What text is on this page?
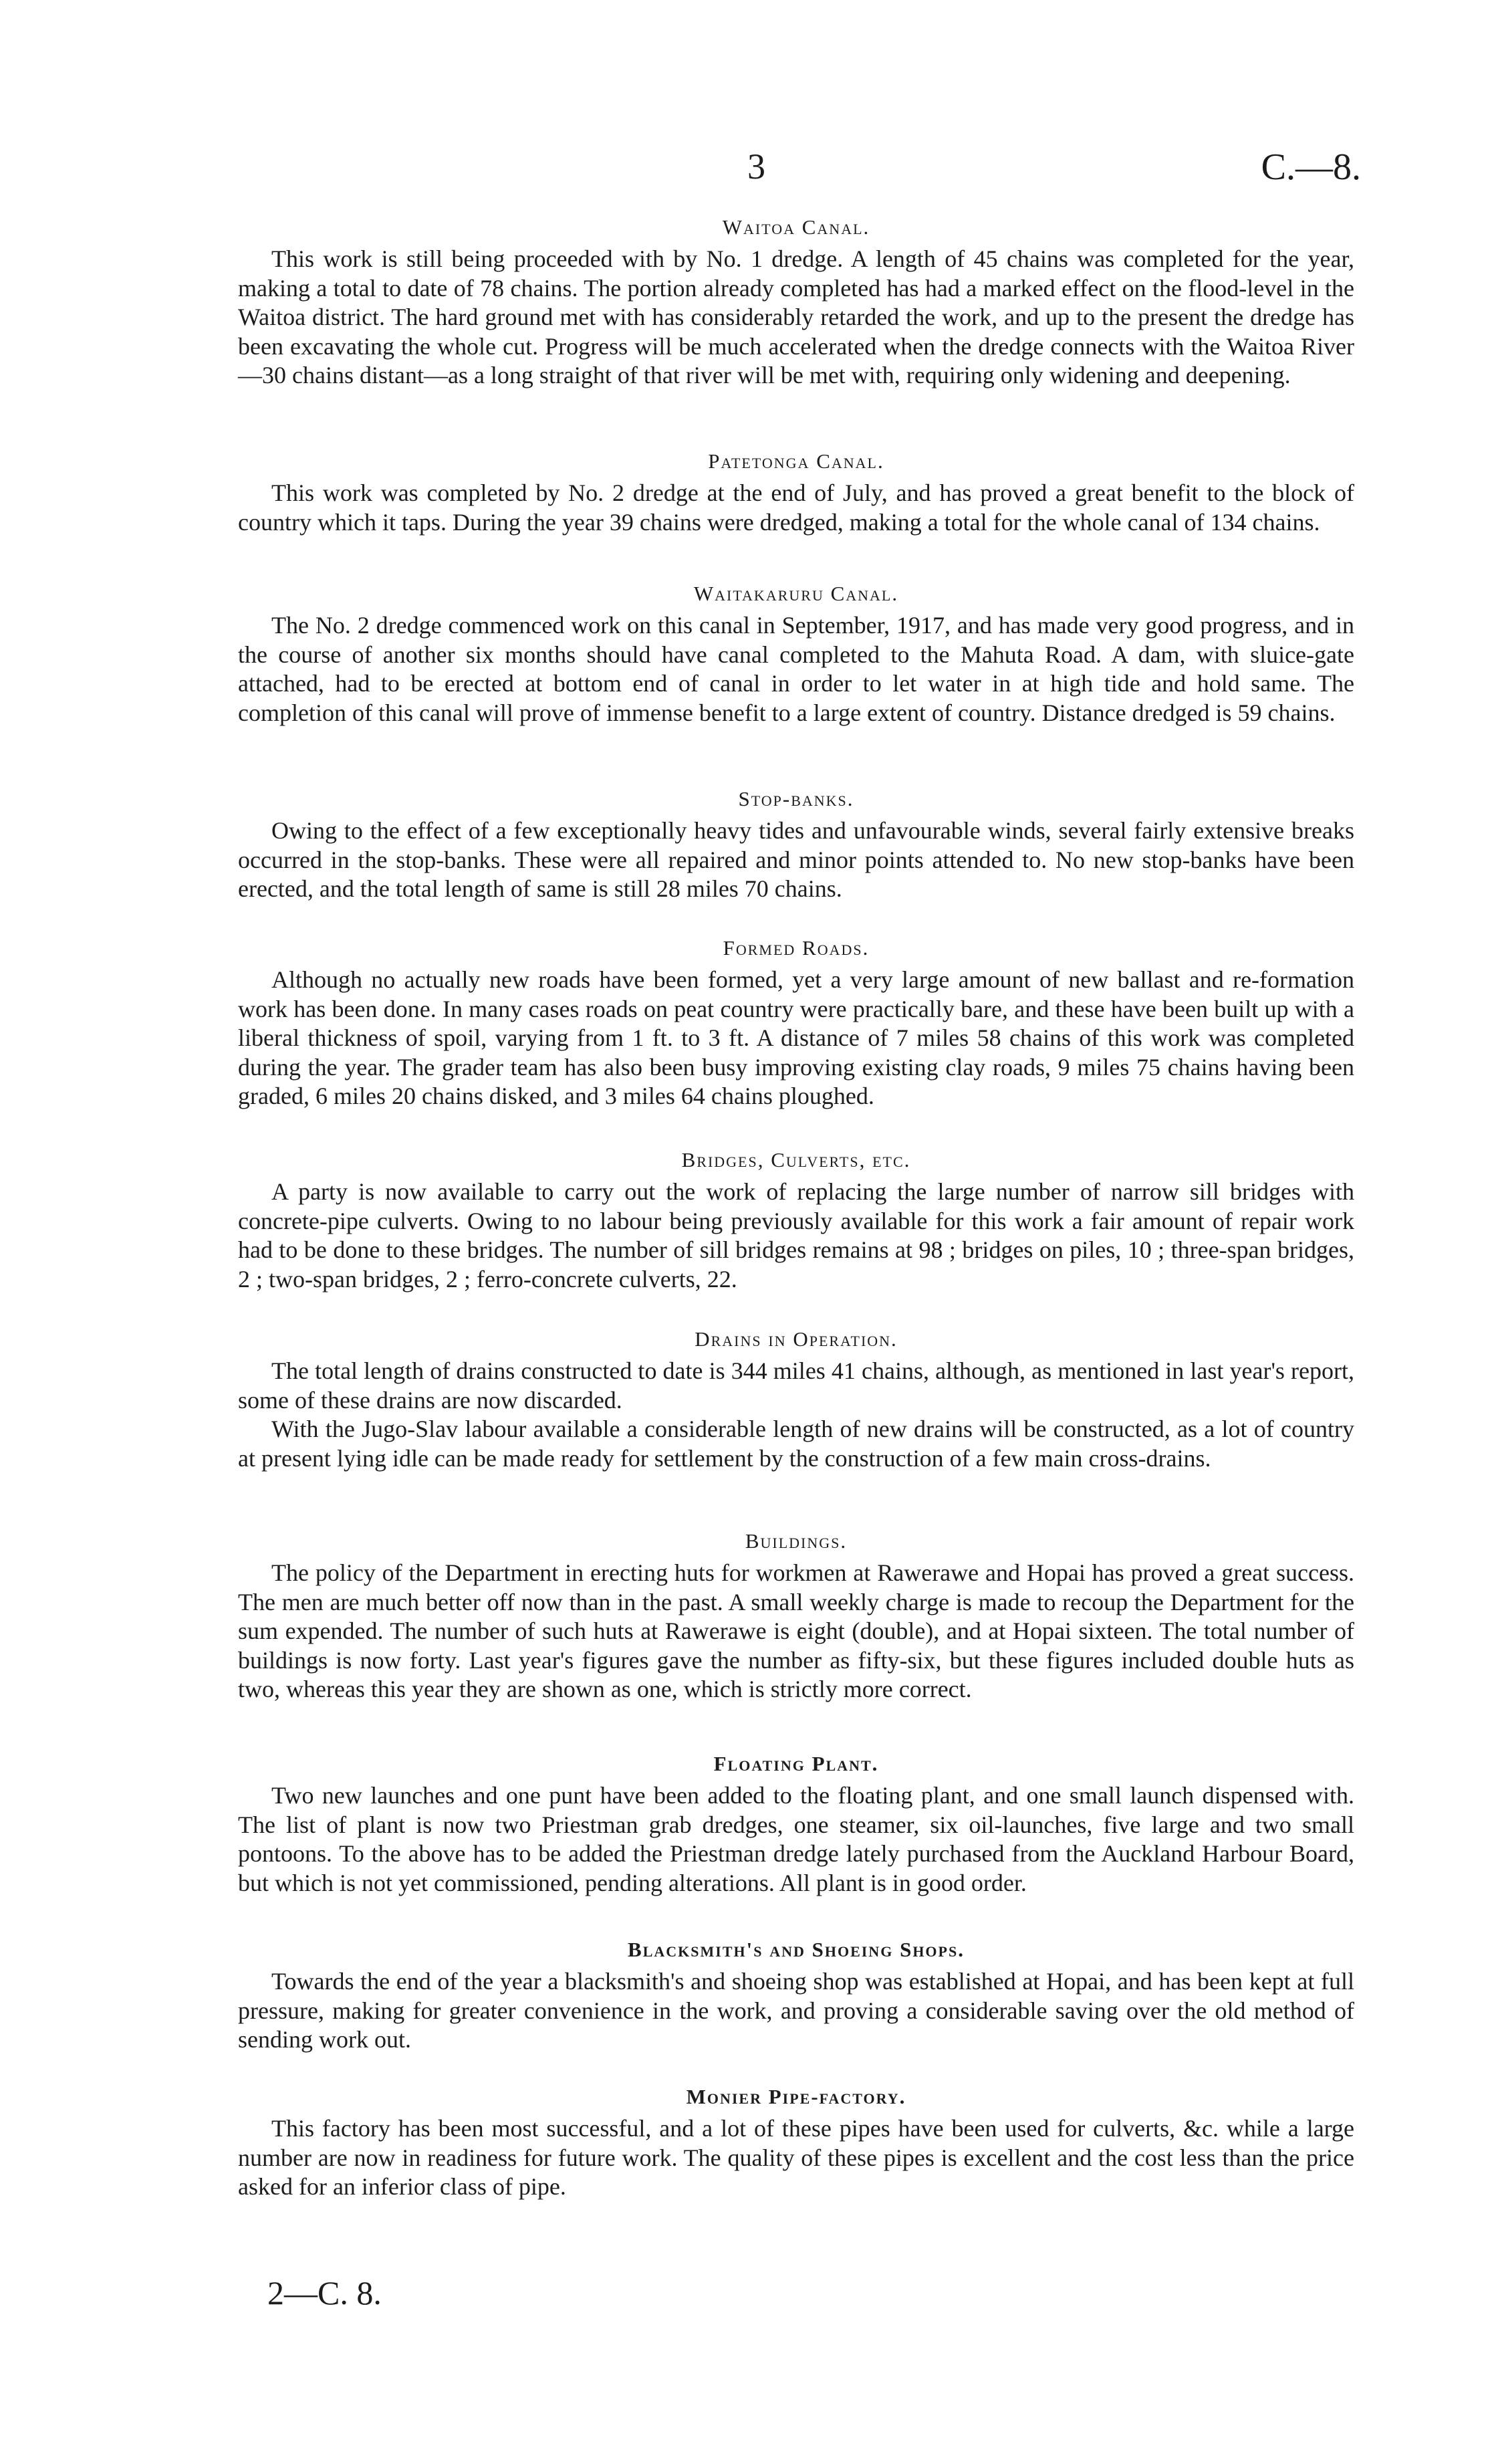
3	C.—8.
Waitoa Canal.

This work is still being proceeded with by No. 1 dredge. A length of 45 chains was completed for the year, making a total to date of 78 chains. The portion already completed has had a marked effect on the flood-level in the Waitoa district. The hard ground met with has considerably retarded the work, and up to the present the dredge has been excavating the whole cut. Progress will be much accelerated when the dredge connects with the Waitoa River—30 chains distant—as a long straight of that river will be met with, requiring only widening and deepening.

Patetonga Canal.

This work was completed by No. 2 dredge at the end of July, and has proved a great benefit to the block of country which it taps. During the year 39 chains were dredged, making a total for the whole canal of 134 chains.

Waitakaruru Canal.

The No. 2 dredge commenced work on this canal in September, 1917, and has made very good progress, and in the course of another six months should have canal completed to the Mahuta Road. A dam, with sluice-gate attached, had to be erected at bottom end of canal in order to let water in at high tide and hold same. The completion of this canal will prove of immense benefit to a large extent of country. Distance dredged is 59 chains.

Stop-banks.

Owing to the effect of a few exceptionally heavy tides and unfavourable winds, several fairly extensive breaks occurred in the stop-banks. These were all repaired and minor points attended to. No new stop-banks have been erected, and the total length of same is still 28 miles 70 chains.

Formed Roads.

Although no actually new roads have been formed, yet a very large amount of new ballast and re-formation work has been done. In many cases roads on peat country were practically bare, and these have been built up with a liberal thickness of spoil, varying from 1 ft. to 3 ft. A distance of 7 miles 58 chains of this work was completed during the year. The grader team has also been busy improving existing clay roads, 9 miles 75 chains having been graded, 6 miles 20 chains disked, and 3 miles 64 chains ploughed.

Bridges, Culverts, etc.

A party is now available to carry out the work of replacing the large number of narrow sill bridges with concrete-pipe culverts. Owing to no labour being previously available for this work a fair amount of repair work had to be done to these bridges. The number of sill bridges remains at 98 ; bridges on piles, 10 ; three-span bridges, 2 ; two-span bridges, 2 ; ferro-concrete culverts, 22.

Drains in Operation.

The total length of drains constructed to date is 344 miles 41 chains, although, as mentioned in last year's report, some of these drains are now discarded.

With the Jugo-Slav labour available a considerable length of new drains will be constructed, as a lot of country at present lying idle can be made ready for settlement by the construction of a few main cross-drains.

Buildings.

The policy of the Department in erecting huts for workmen at Rawerawe and Hopai has proved a great success. The men are much better off now than in the past. A small weekly charge is made to recoup the Department for the sum expended. The number of such huts at Rawerawe is eight (double), and at Hopai sixteen. The total number of buildings is now forty. Last year's figures gave the number as fifty-six, but these figures included double huts as two, whereas this year they are shown as one, which is strictly more correct.

Floating Plant.

Two new launches and one punt have been added to the floating plant, and one small launch dispensed with. The list of plant is now two Priestman grab dredges, one steamer, six oil-launches, five large and two small pontoons. To the above has to be added the Priestman dredge lately purchased from the Auckland Harbour Board, but which is not yet commissioned, pending alterations. All plant is in good order.

Blacksmith's and Shoeing Shops.

Towards the end of the year a blacksmith's and shoeing shop was established at Hopai, and has been kept at full pressure, making for greater convenience in the work, and proving a considerable saving over the old method of sending work out.

Monier Pipe-factory.

This factory has been most successful, and a lot of these pipes have been used for culverts, &c. while a large number are now in readiness for future work. The quality of these pipes is excellent and the cost less than the price asked for an inferior class of pipe.

2—C. 8.
